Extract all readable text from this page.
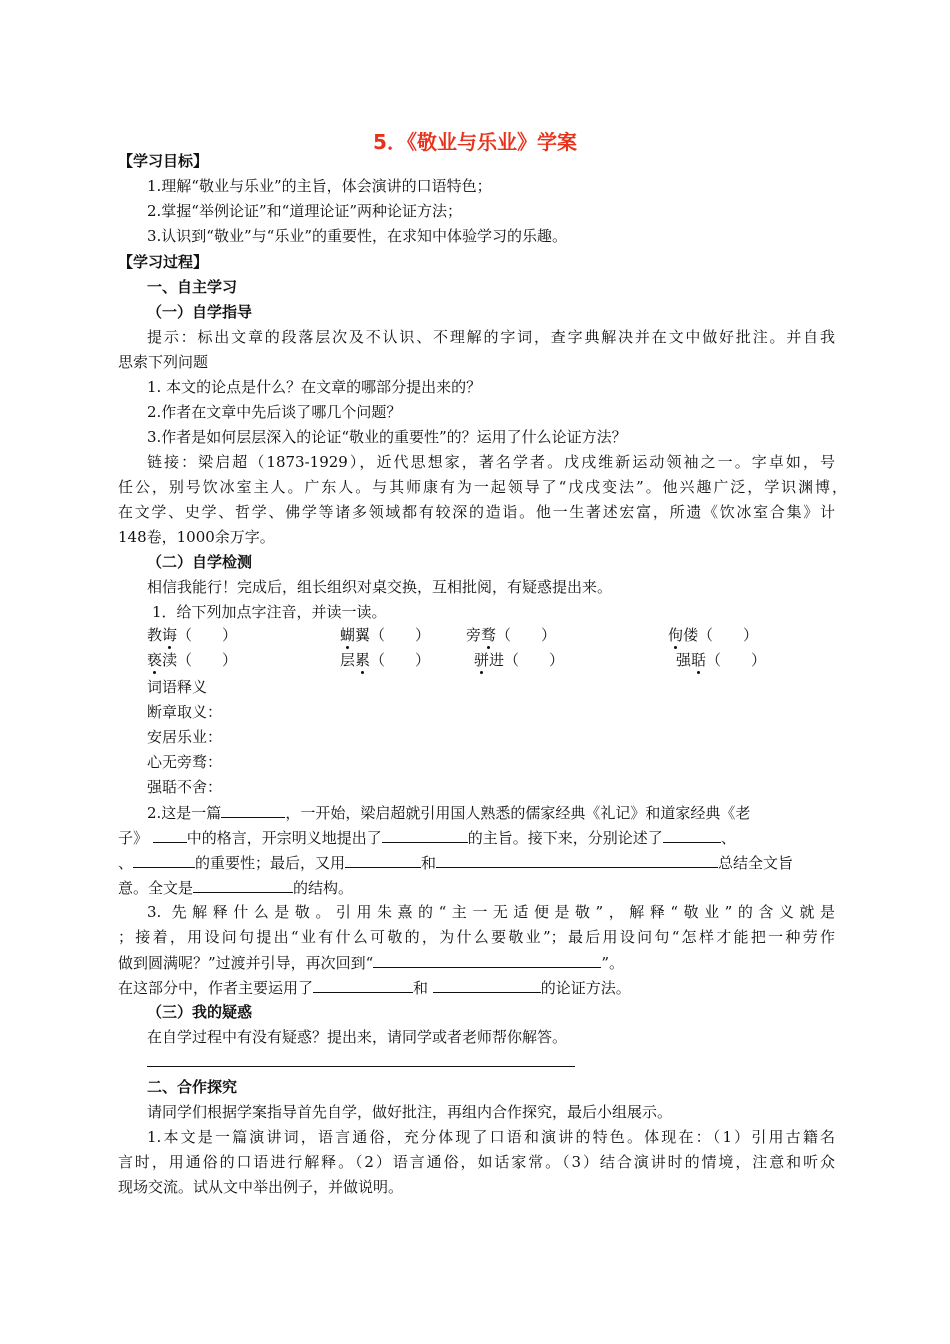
5．《敬业与乐业》学案
【学习目标】
1.理解“敬业与乐业”的主旨，体会演讲的口语特色；
2.掌握“举例论证”和“道理论证”两种论证方法；
3.认识到“敬业”与“乐业”的重要性，在求知中体验学习的乐趣。
【学习过程】
一、自主学习
（一）自学指导
提示：标出文章的段落层次及不认识、不理解的字词，查字典解决并在文中做好批注。并自我
思索下列问题
1. 本文的论点是什么？在文章的哪部分提出来的？
2.作者在文章中先后谈了哪几个问题？
3.作者是如何层层深入的论证“敬业的重要性”的？运用了什么论证方法？
链接：梁启超（1873-1929），近代思想家，著名学者。戊戌维新运动领袖之一。字卓如，号
任公，别号饮冰室主人。广东人。与其师康有为一起领导了“戊戌变法”。他兴趣广泛，学识渊博，
在文学、史学、哲学、佛学等诸多领域都有较深的造诣。他一生著述宏富，所遗《饮冰室合集》计
148卷，1000余万字。
（二）自学检测
相信我能行！完成后，组长组织对桌交换，互相批阅，有疑惑提出来。
1．给下列加点字注音，并读一读。
教诲（　　）	蝴翼（　　） 旁骛（　　）	佝偻（　　）
亵渎（　　）	层累（　　）	骈进（　　）	强聒（　　）
词语释义
断章取义：
安居乐业：
心无旁骛：
强聒不舍：
2.这是一篇	，一开始，梁启超就引用国人熟悉的儒家经典《礼记》和道家经典《老
子》 中的格言，开宗明义地提出了	的主旨。接下来，分别论述了	、
、	的重要性；最后，又用	和	总结全文旨
意。全文是	的结构。
3. 先解释什么是敬。引用朱熹的“主一无适便是敬”，解释“敬业”的含义就是
；接着，用设问句提出“业有什么可敬的，为什么要敬业”；最后用设问句“怎样才能把一种劳作
做到圆满呢？”过渡并引导，再次回到“	”。
在这部分中，作者主要运用了	和	的论证方法。
（三）我的疑惑
在自学过程中有没有疑惑？提出来，请同学或者老师帮你解答。
二、合作探究
请同学们根据学案指导首先自学，做好批注，再组内合作探究，最后小组展示。
1.本文是一篇演讲词，语言通俗，充分体现了口语和演讲的特色。体现在：（1）引用古籍名
言时，用通俗的口语进行解释。（2）语言通俗，如话家常。（3）结合演讲时的情境，注意和听众
现场交流。试从文中举出例子，并做说明。
